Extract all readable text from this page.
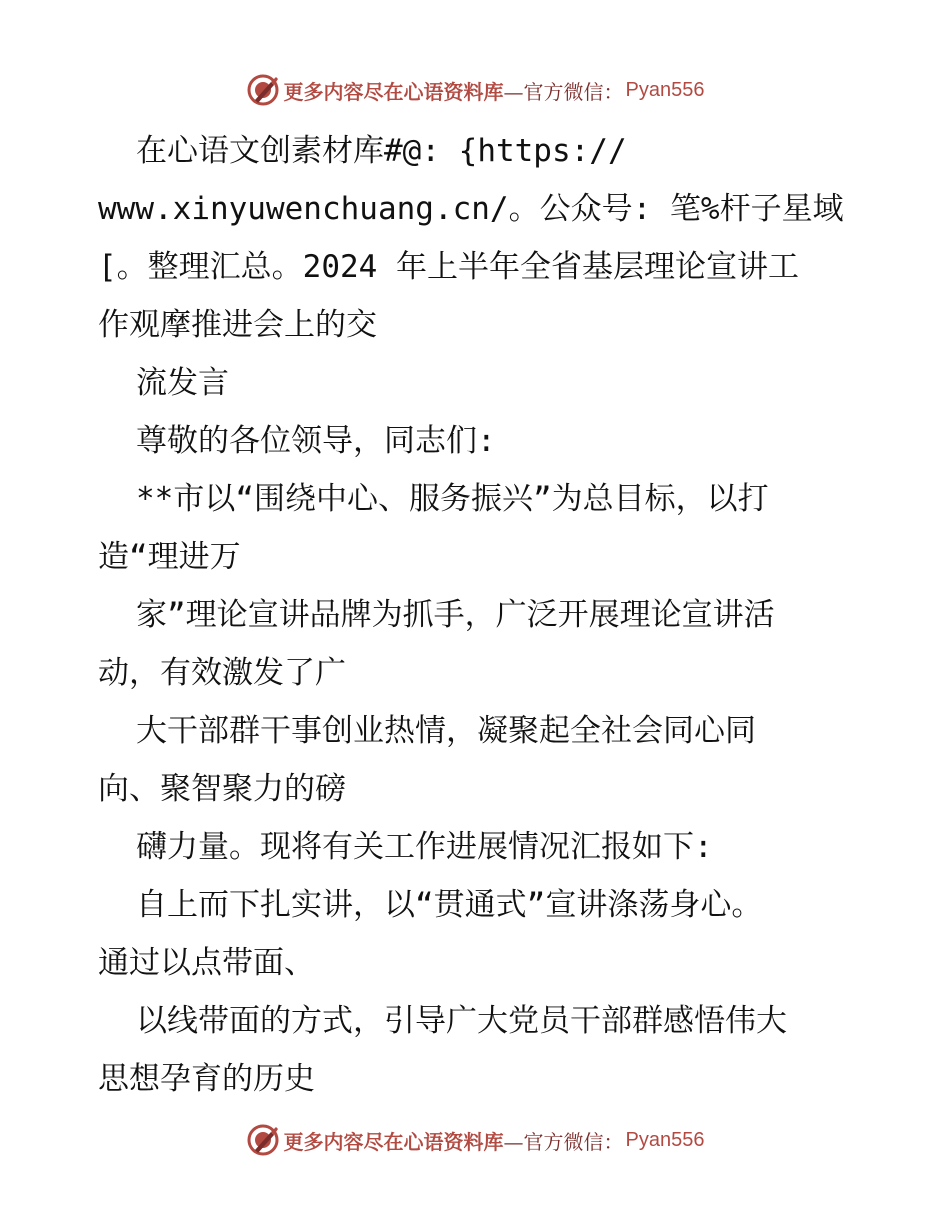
更多内容尽在心语资料库 —官方微信： Pyan556
在心语文创素材库#@: {https://
www.xinyuwenchuang.cn/。公众号: 笔%杆子星域
[。整理汇总。2024 年上半年全省基层理论宣讲工
作观摩推进会上的交
流发言
尊敬的各位领导，同志们:
**市以“围绕中心、服务振兴”为总目标，以打
造“理进万
家”理论宣讲品牌为抓手，广泛开展理论宣讲活
动，有效激发了广
大干部群干事创业热情，凝聚起全社会同心同
向、聚智聚力的磅
礴力量。现将有关工作进展情况汇报如下:
自上而下扎实讲，以“贯通式”宣讲涤荡身心。
通过以点带面、
以线带面的方式，引导广大党员干部群感悟伟大
思想孕育的历史
更多内容尽在心语资料库 —官方微信： Pyan556
